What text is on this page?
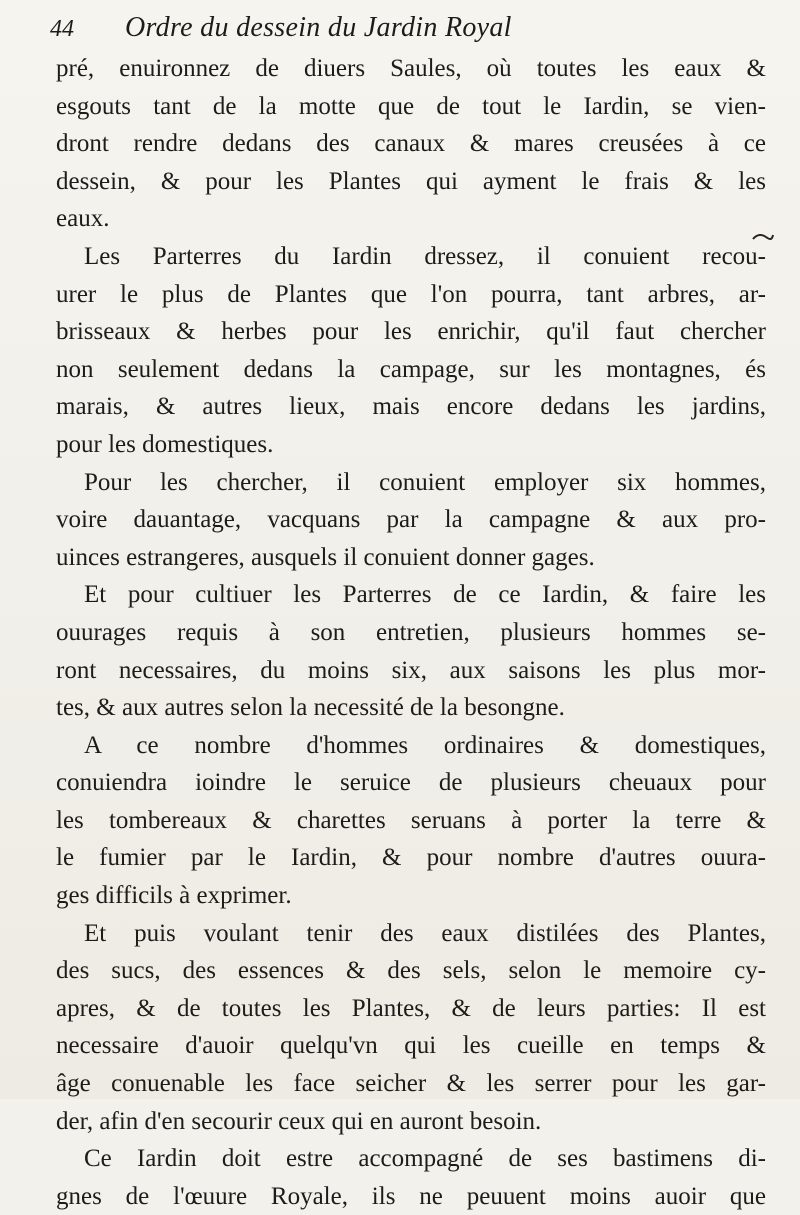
44 Ordre du dessein du Jardin Royal
pré, enuironnez de diuers Saules, où toutes les eaux &
esgouts tant de la motte que de tout le Iardin, se vien-
dront rendre dedans des canaux & mares creusées à ce
dessein, & pour les Plantes qui ayment le frais & les
eaux.
Les Parterres du Iardin dressez, il conuient recou-
urer le plus de Plantes que l'on pourra, tant arbres, ar-
brisseaux & herbes pour les enrichir, qu'il faut chercher
non seulement dedans la campage, sur les montagnes, és
marais, & autres lieux, mais encore dedans les jardins,
pour les domestiques.
Pour les chercher, il conuient employer six hommes,
voire dauantage, vacquans par la campagne & aux pro-
uinces estrangeres, ausquels il conuient donner gages.
Et pour cultiuer les Parterres de ce Iardin, & faire les
ouurages requis à son entretien, plusieurs hommes se-
ront necessaires, du moins six, aux saisons les plus mor-
tes, & aux autres selon la necessité de la besongne.
A ce nombre d'hommes ordinaires & domestiques,
conuiendra ioindre le seruice de plusieurs cheuaux pour
les tombereaux & charettes seruans à porter la terre &
le fumier par le Iardin, & pour nombre d'autres ouura-
ges difficils à exprimer.
Et puis voulant tenir des eaux distilées des Plantes,
des sucs, des essences & des sels, selon le memoire cy-
apres, & de toutes les Plantes, & de leurs parties: Il est
necessaire d'auoir quelqu'vn qui les cueille en temps &
âge conuenable les face seicher & les serrer pour les gar-
der, afin d'en secourir ceux qui en auront besoin.
Ce Iardin doit estre accompagné de ses bastimens di-
gnes de l'œuure Royale, ils ne peuuent moins auoir que
